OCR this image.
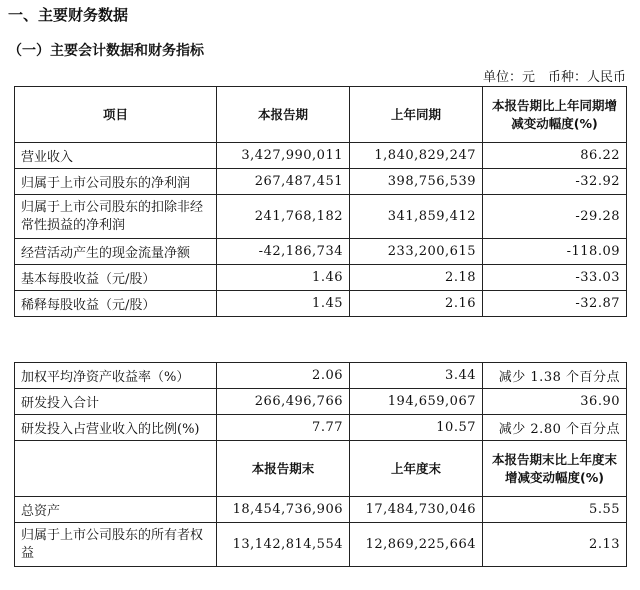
一、主要财务数据
（一）主要会计数据和财务指标
单位：元　币种：人民币
项目	本报告期	上年同期	本报告期比上年同期增减变动幅度(%)
营业收入	3,427,990,011	1,840,829,247	86.22
归属于上市公司股东的净利润	267,487,451	398,756,539	-32.92
归属于上市公司股东的扣除非经常性损益的净利润	241,768,182	341,859,412	-29.28
经营活动产生的现金流量净额	-42,186,734	233,200,615	-118.09
基本每股收益（元/股）	1.46	2.18	-33.03
稀释每股收益（元/股）	1.45	2.16	-32.87
加权平均净资产收益率（%）	2.06	3.44	减少 1.38 个百分点
研发投入合计	266,496,766	194,659,067	36.90
研发投入占营业收入的比例(%)	7.77	10.57	减少 2.80 个百分点
	本报告期末	上年度末	本报告期末比上年度末增减变动幅度(%)
总资产	18,454,736,906	17,484,730,046	5.55
归属于上市公司股东的所有者权益	13,142,814,554	12,869,225,664	2.13
